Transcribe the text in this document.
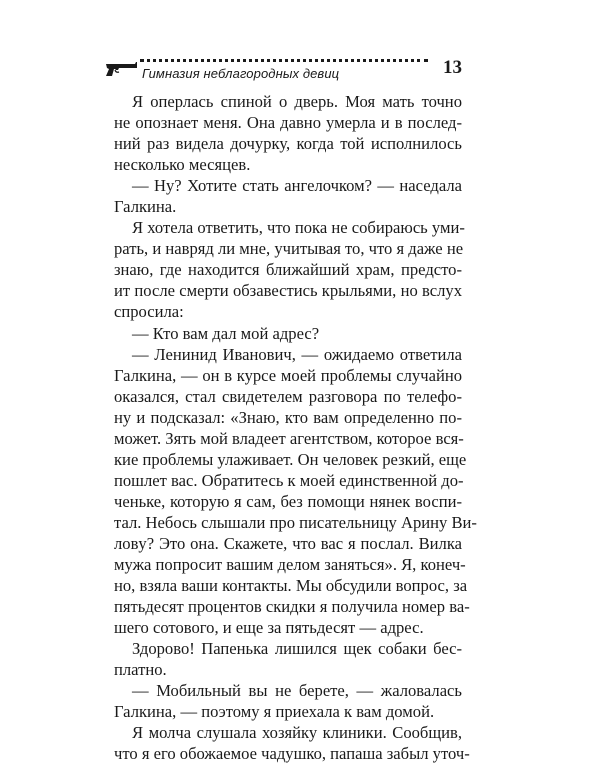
Гимназия неблагородных девиц	13
Я оперлась спиной о дверь. Моя мать точно
не опознает меня. Она давно умерла и в послед-
ний раз видела дочурку, когда той исполнилось
несколько месяцев.
— Ну? Хотите стать ангелочком? — наседала
Галкина.
Я хотела ответить, что пока не собираюсь уми-
рать, и навряд ли мне, учитывая то, что я даже не
знаю, где находится ближайший храм, предсто-
ит после смерти обзавестись крыльями, но вслух
спросила:
— Кто вам дал мой адрес?
— Ленинид Иванович, — ожидаемо ответила
Галкина, — он в курсе моей проблемы случайно
оказался, стал свидетелем разговора по телефо-
ну и подсказал: «Знаю, кто вам определенно по-
может. Зять мой владеет агентством, которое вся-
кие проблемы улаживает. Он человек резкий, еще
пошлет вас. Обратитесь к моей единственной до-
ченьке, которую я сам, без помощи нянек воспи-
тал. Небось слышали про писательницу Арину Ви-
ловy? Это она. Скажете, что вас я послал. Вилка
мужа попросит вашим делом заняться». Я, конеч-
но, взяла ваши контакты. Мы обсудили вопрос, за
пятьдесят процентов скидки я получила номер ва-
шего сотового, и еще за пятьдесят — адрес.
Здорово! Папенька лишился щек собаки бес-
платно.
— Мобильный вы не берете, — жаловалась
Галкина, — поэтому я приехала к вам домой.
Я молча слушала хозяйку клиники. Сообщив,
что я его обожаемое чадушко, папаша забыл уточ-
